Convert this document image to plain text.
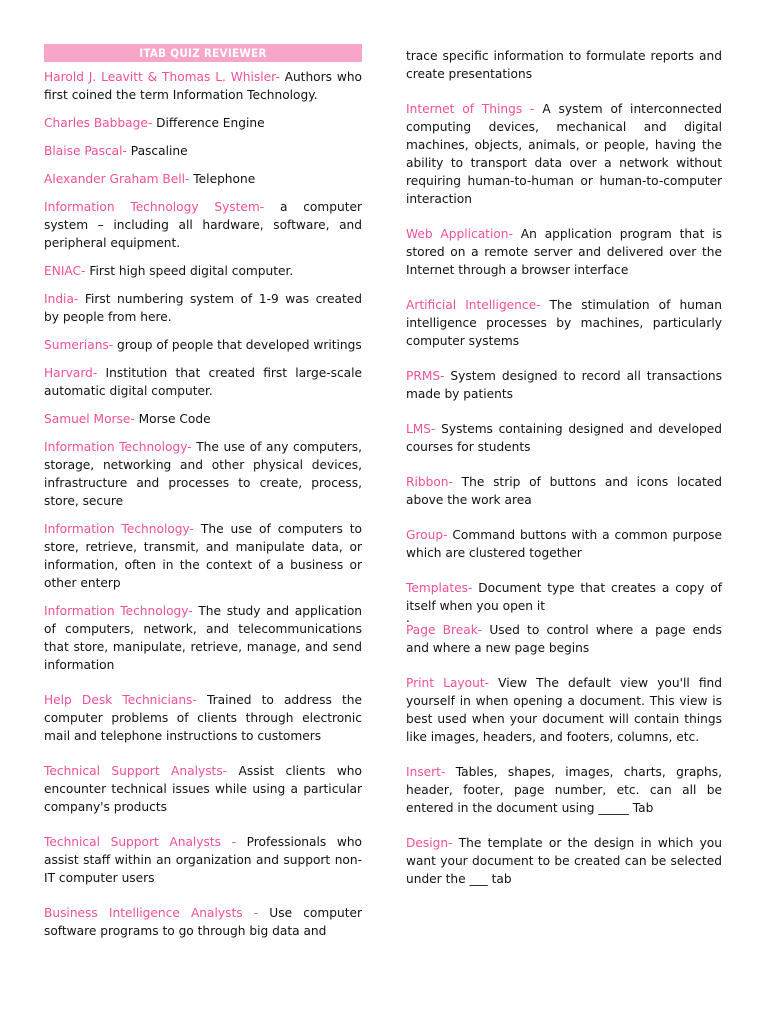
ITAB QUIZ REVIEWER

Harold J. Leavitt & Thomas L. Whisler- Authors who first coined the term Information Technology.

Charles Babbage- Difference Engine

Blaise Pascal- Pascaline

Alexander Graham Bell- Telephone

Information Technology System- a computer system – including all hardware, software, and peripheral equipment.

ENIAC- First high speed digital computer.

India- First numbering system of 1-9 was created by people from here.

Sumerians- group of people that developed writings

Harvard- Institution that created first large-scale automatic digital computer.

Samuel Morse- Morse Code

Information Technology- The use of any computers, storage, networking and other physical devices, infrastructure and processes to create, process, store, secure

Information Technology- The use of computers to store, retrieve, transmit, and manipulate data, or information, often in the context of a business or other enterp

Information Technology- The study and application of computers, network, and telecommunications that store, manipulate, retrieve, manage, and send information

Help Desk Technicians- Trained to address the computer problems of clients through electronic mail and telephone instructions to customers

Technical Support Analysts- Assist clients who encounter technical issues while using a particular company's products

Technical Support Analysts - Professionals who assist staff within an organization and support non-IT computer users

Business Intelligence Analysts - Use computer software programs to go through big data and

trace specific information to formulate reports and create presentations

Internet of Things - A system of interconnected computing devices, mechanical and digital machines, objects, animals, or people, having the ability to transport data over a network without requiring human-to-human or human-to-computer interaction

Web Application- An application program that is stored on a remote server and delivered over the Internet through a browser interface

Artificial Intelligence- The stimulation of human intelligence processes by machines, particularly computer systems

PRMS- System designed to record all transactions made by patients

LMS- Systems containing designed and developed courses for students

Ribbon- The strip of buttons and icons located above the work area

Group- Command buttons with a common purpose which are clustered together

Templates- Document type that creates a copy of itself when you open it

.

Page Break- Used to control where a page ends and where a new page begins

Print Layout- View The default view you'll find yourself in when opening a document. This view is best used when your document will contain things like images, headers, and footers, columns, etc.

Insert- Tables, shapes, images, charts, graphs, header, footer, page number, etc. can all be entered in the document using _____ Tab

Design- The template or the design in which you want your document to be created can be selected under the ___ tab
